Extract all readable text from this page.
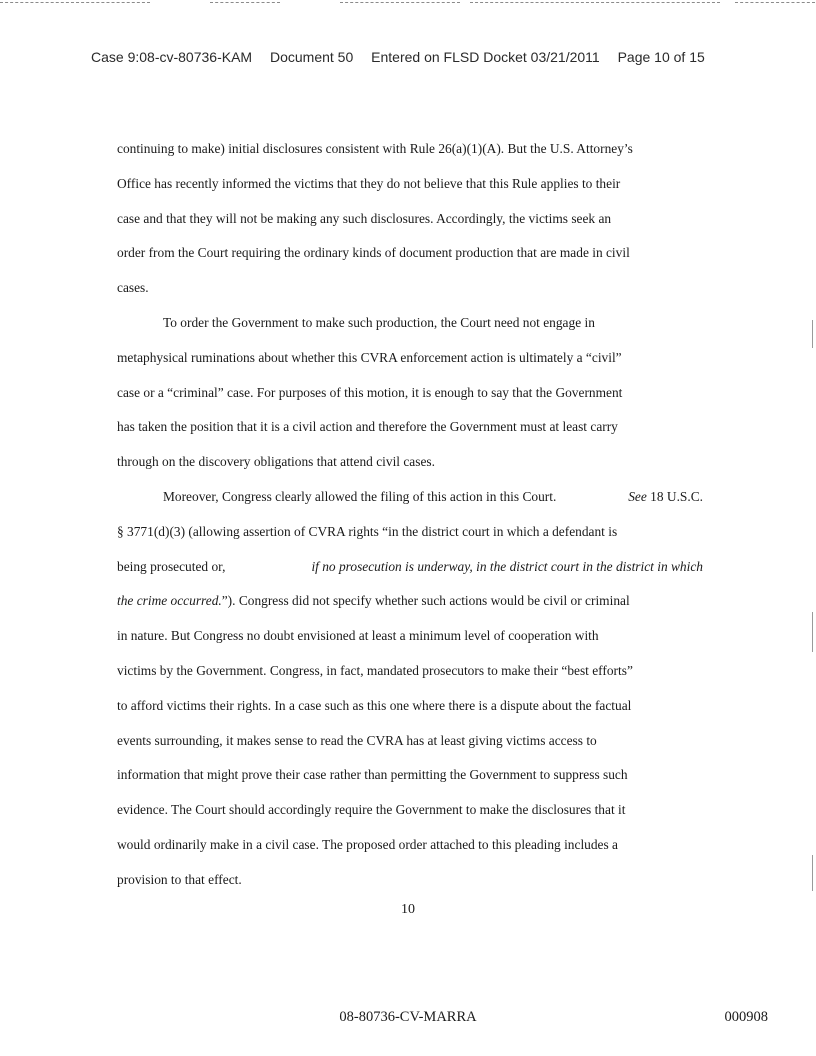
Case 9:08-cv-80736-KAM Document 50 Entered on FLSD Docket 03/21/2011 Page 10 of 15
continuing to make) initial disclosures consistent with Rule 26(a)(1)(A). But the U.S. Attorney’s
Office has recently informed the victims that they do not believe that this Rule applies to their
case and that they will not be making any such disclosures. Accordingly, the victims seek an
order from the Court requiring the ordinary kinds of document production that are made in civil
cases.
To order the Government to make such production, the Court need not engage in
metaphysical ruminations about whether this CVRA enforcement action is ultimately a “civil”
case or a “criminal” case. For purposes of this motion, it is enough to say that the Government
has taken the position that it is a civil action and therefore the Government must at least carry
through on the discovery obligations that attend civil cases.
Moreover, Congress clearly allowed the filing of this action in this Court.	See 18 U.S.C.
§ 3771(d)(3) (allowing assertion of CVRA rights “in the district court in which a defendant is
being prosecuted or,	if no prosecution is underway, in the district court in the district in which
the crime occurred.”). Congress did not specify whether such actions would be civil or criminal
in nature. But Congress no doubt envisioned at least a minimum level of cooperation with
victims by the Government. Congress, in fact, mandated prosecutors to make their “best efforts”
to afford victims their rights. In a case such as this one where there is a dispute about the factual
events surrounding, it makes sense to read the CVRA has at least giving victims access to
information that might prove their case rather than permitting the Government to suppress such
evidence. The Court should accordingly require the Government to make the disclosures that it
would ordinarily make in a civil case. The proposed order attached to this pleading includes a
provision to that effect.
10
08-80736-CV-MARRA	000908
